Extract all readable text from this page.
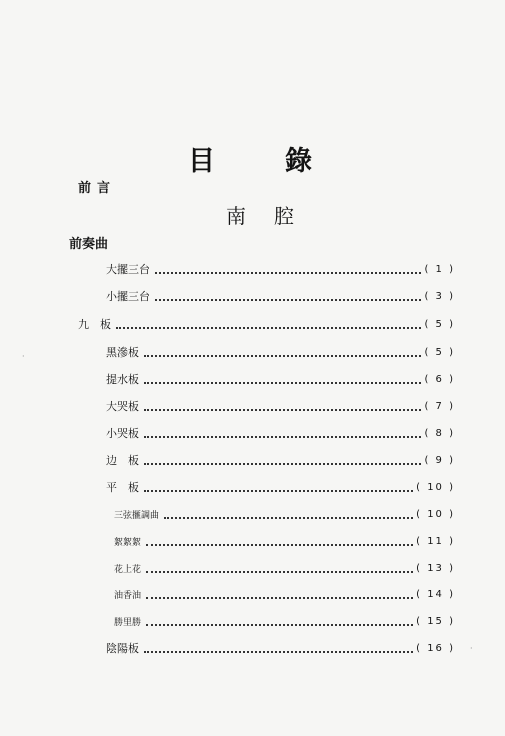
目	錄
前言
南腔
前奏曲
大擺三台	( 1 )
小擺三台	( 3 )
九　板	( 5 )
黑滲板	( 5 )
提水板	( 6 )
大哭板	( 7 )
小哭板	( 8 )
边　板	( 9 )
平　板	( 10 )
三弦擓調曲	( 10 )
絮絮絮	( 11 )
花上花	( 13 )
油香油	( 14 )
勝里勝	( 15 )
陰陽板	( 16 ) ·
·
